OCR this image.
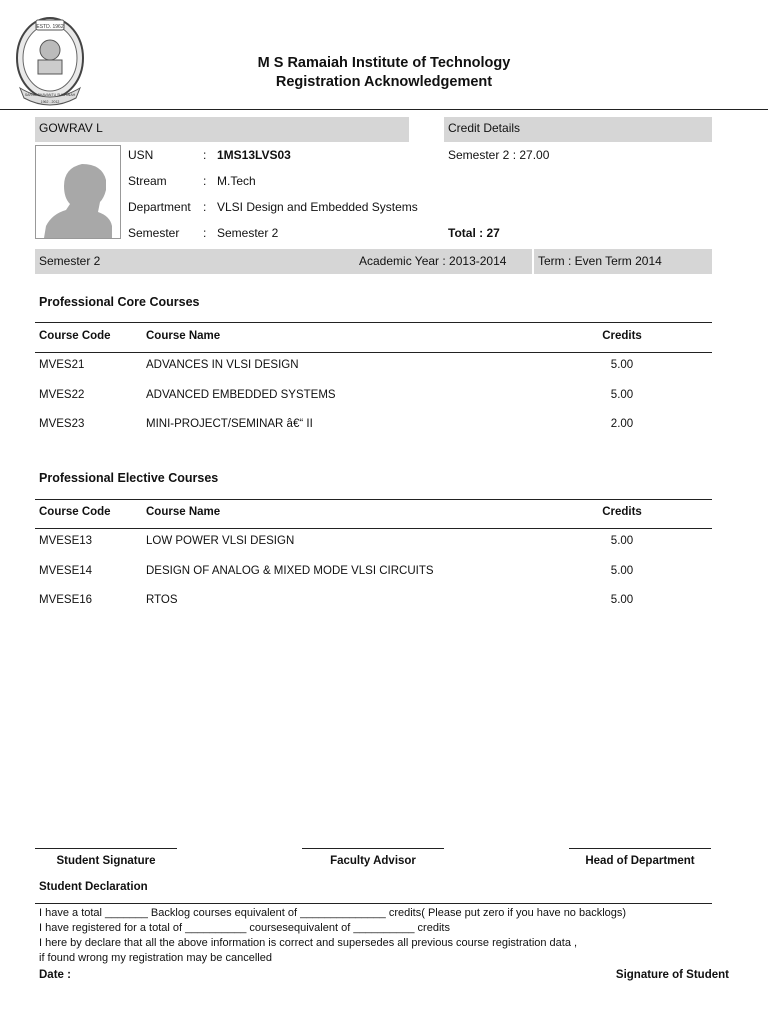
ESTD. 1962
SARVE BHAVANTU SUKHINAH
1962 - 2012
M S Ramaiah Institute of Technology
Registration Acknowledgement
GOWRAV L	Credit Details
USN	: 1MS13LVS03
Stream	: M.Tech
Department : VLSI Design and Embedded Systems
Semester : Semester 2
Semester 2 : 27.00
Total : 27
Semester 2	Academic Year : 2013-2014	Term : Even Term 2014
Professional Core Courses
Course Code	Course Name	Credits
MVES21	ADVANCES IN VLSI DESIGN	5.00
MVES22	ADVANCED EMBEDDED SYSTEMS	5.00
MVES23	MINI-PROJECT/SEMINAR â€“ II	2.00
Professional Elective Courses
Course Code	Course Name	Credits
MVESE13	LOW POWER VLSI DESIGN	5.00
MVESE14	DESIGN OF ANALOG & MIXED MODE VLSI CIRCUITS	5.00
MVESE16	RTOS	5.00
Student Signature	Faculty Advisor	Head of Department
Student Declaration
I have a total _______ Backlog courses equivalent of ______________ credits( Please put zero if you have no backlogs)
I have registered for a total of __________ coursesequivalent of __________ credits
I here by declare that all the above information is correct and supersedes all previous course registration data ,
if found wrong my registration may be cancelled
Date :	Signature of Student
